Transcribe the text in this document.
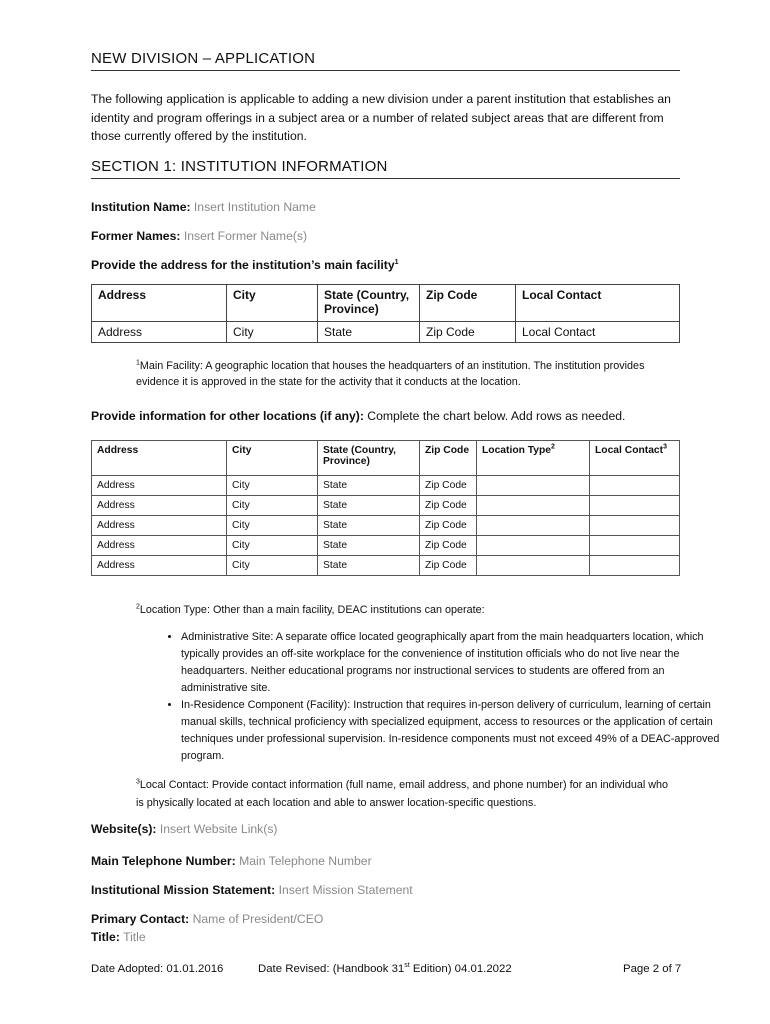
NEW DIVISION – APPLICATION
The following application is applicable to adding a new division under a parent institution that establishes an identity and program offerings in a subject area or a number of related subject areas that are different from those currently offered by the institution.
SECTION 1: INSTITUTION INFORMATION
Institution Name: Insert Institution Name
Former Names: Insert Former Name(s)
Provide the address for the institution’s main facility$^1$
Address	City	State (Country, Province)	Zip Code	Local Contact
Address	City	State	Zip Code	Local Contact
$^1$Main Facility: A geographic location that houses the headquarters of an institution. The institution provides evidence it is approved in the state for the activity that it conducts at the location.
Provide information for other locations (if any): Complete the chart below. Add rows as needed.
Address	City	State (Country, Province)	Zip Code	Location Type$^2$	Local Contact$^3$
Address	City	State	Zip Code		
Address	City	State	Zip Code		
Address	City	State	Zip Code		
Address	City	State	Zip Code		
Address	City	State	Zip Code		
$^2$Location Type: Other than a main facility, DEAC institutions can operate:
• Administrative Site: A separate office located geographically apart from the main headquarters location, which typically provides an off-site workplace for the convenience of institution officials who do not live near the headquarters. Neither educational programs nor instructional services to students are offered from an administrative site.
• In-Residence Component (Facility): Instruction that requires in-person delivery of curriculum, learning of certain manual skills, technical proficiency with specialized equipment, access to resources or the application of certain techniques under professional supervision. In-residence components must not exceed 49% of a DEAC-approved program.
$^3$Local Contact: Provide contact information (full name, email address, and phone number) for an individual who is physically located at each location and able to answer location-specific questions.
Website(s): Insert Website Link(s)
Main Telephone Number: Main Telephone Number
Institutional Mission Statement: Insert Mission Statement
Primary Contact: Name of President/CEO
Title: Title
Date Adopted: 01.01.2016	Date Revised: (Handbook 31st Edition) 04.01.2022	Page 2 of 7
